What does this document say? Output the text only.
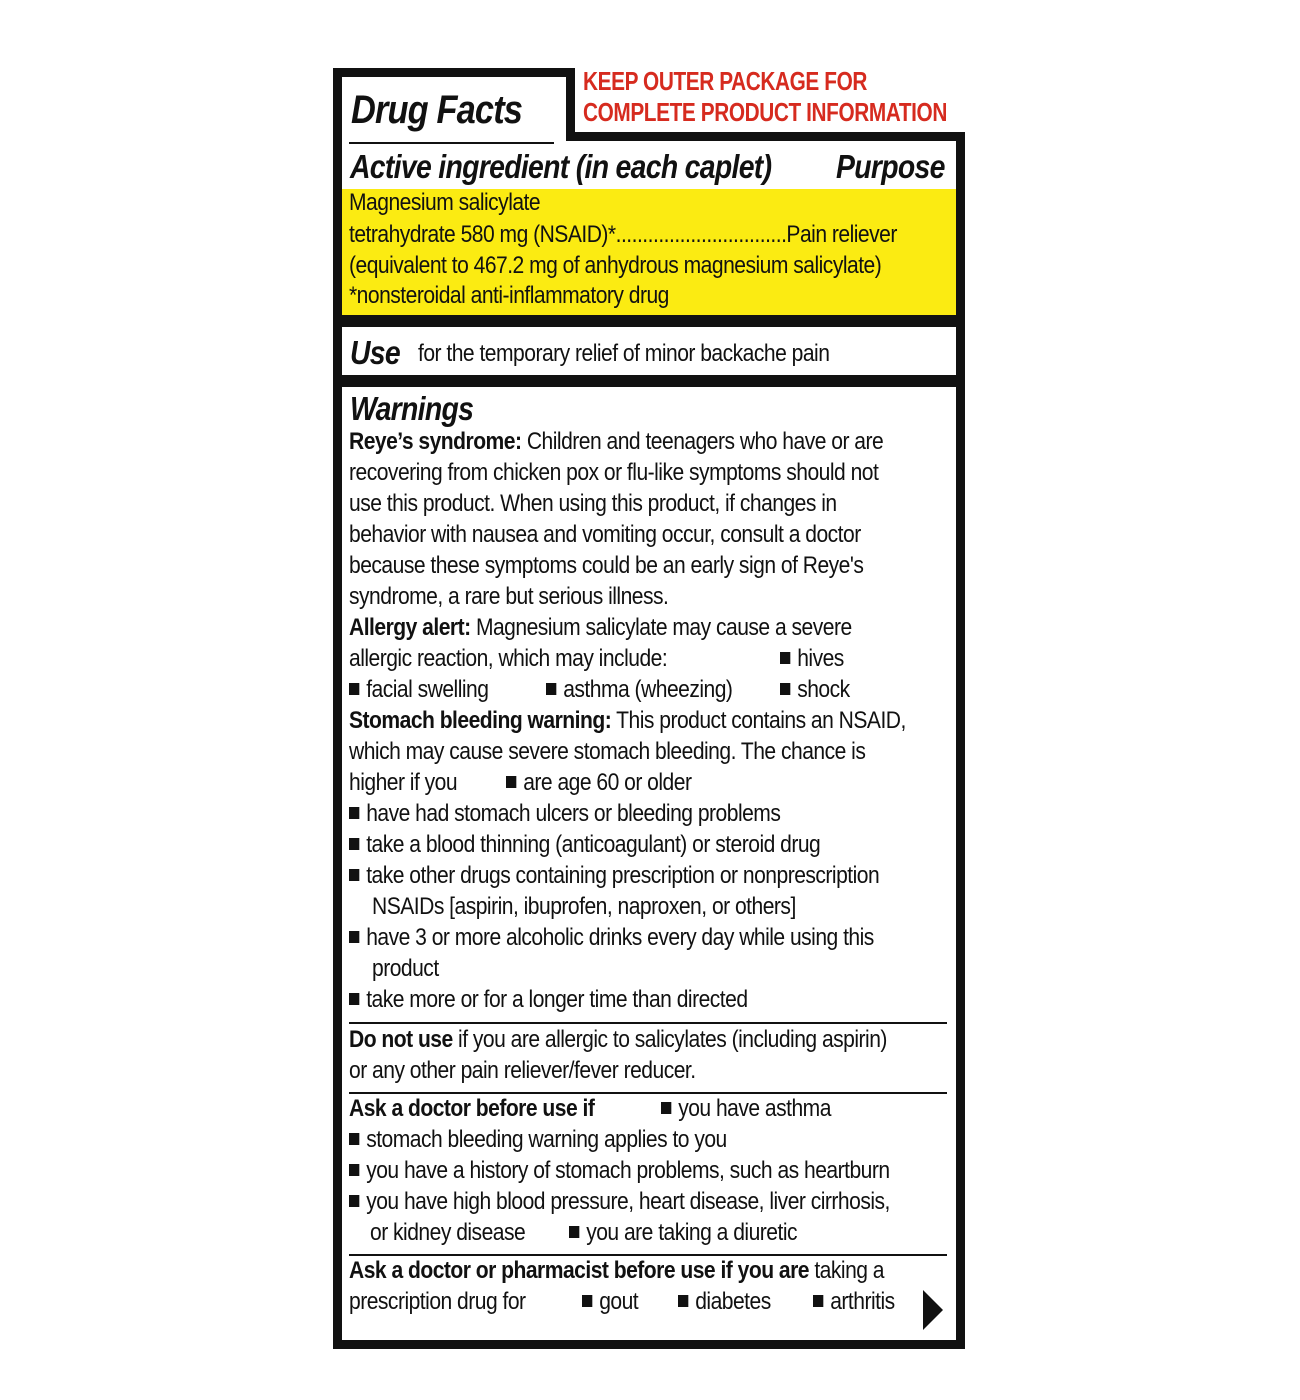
Drug Facts
KEEP OUTER PACKAGE FOR
COMPLETE PRODUCT INFORMATION
Active ingredient (in each caplet) Purpose
Magnesium salicylate
tetrahydrate 580 mg (NSAID)*................................Pain reliever
(equivalent to 467.2 mg of anhydrous magnesium salicylate)
*nonsteroidal anti-inflammatory drug
Use for the temporary relief of minor backache pain
Warnings
Reye’s syndrome: Children and teenagers who have or are
recovering from chicken pox or flu-like symptoms should not
use this product. When using this product, if changes in
behavior with nausea and vomiting occur, consult a doctor
because these symptoms could be an early sign of Reye's
syndrome, a rare but serious illness.
Allergy alert: Magnesium salicylate may cause a severe
allergic reaction, which may include:	hives
facial swelling	asthma (wheezing)	shock
Stomach bleeding warning: This product contains an NSAID,
which may cause severe stomach bleeding. The chance is
higher if you	are age 60 or older
have had stomach ulcers or bleeding problems
take a blood thinning (anticoagulant) or steroid drug
take other drugs containing prescription or nonprescription
NSAIDs [aspirin, ibuprofen, naproxen, or others]
have 3 or more alcoholic drinks every day while using this
product
take more or for a longer time than directed
Do not use if you are allergic to salicylates (including aspirin)
or any other pain reliever/fever reducer.
Ask a doctor before use if	you have asthma
stomach bleeding warning applies to you
you have a history of stomach problems, such as heartburn
you have high blood pressure, heart disease, liver cirrhosis,
or kidney disease	you are taking a diuretic
Ask a doctor or pharmacist before use if you are taking a
prescription drug for	gout	diabetes	arthritis
